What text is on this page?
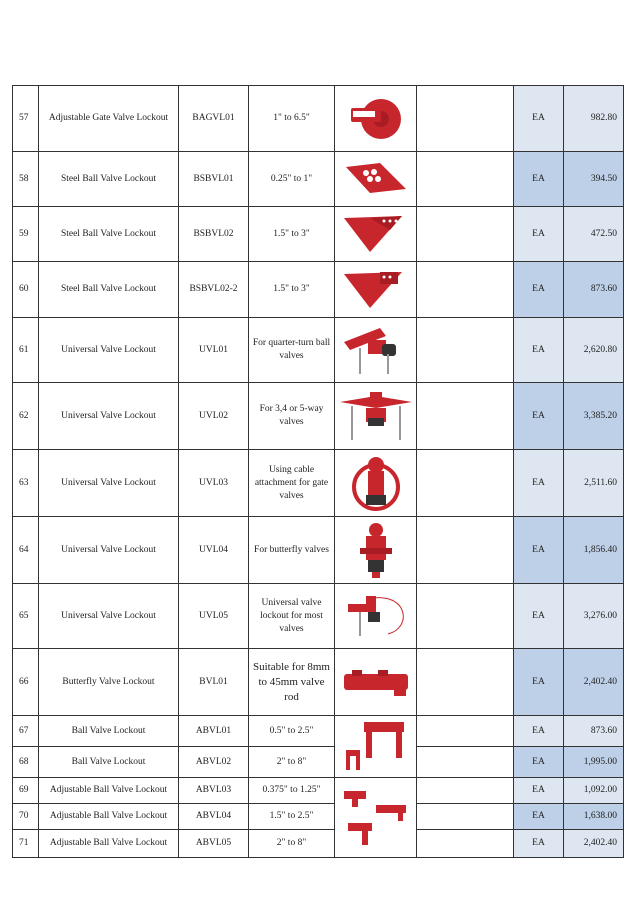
57	Adjustable Gate Valve Lockout	BAGVL01	1" to 6.5"			EA	982.80
58	Steel Ball Valve Lockout	BSBVL01	0.25" to 1"			EA	394.50
59	Steel Ball Valve Lockout	BSBVL02	1.5" to 3"			EA	472.50
60	Steel Ball Valve Lockout	BSBVL02-2	1.5" to 3"			EA	873.60
61	Universal Valve Lockout	UVL01	For quarter-turn ball valves			EA	2,620.80
62	Universal Valve Lockout	UVL02	For 3,4 or 5-way valves			EA	3,385.20
63	Universal Valve Lockout	UVL03	Using cable attachment for gate valves			EA	2,511.60
64	Universal Valve Lockout	UVL04	For butterfly valves			EA	1,856.40
65	Universal Valve Lockout	UVL05	Universal valve lockout for most valves			EA	3,276.00
66	Butterfly Valve Lockout	BVL01	Suitable for 8mm to 45mm valve rod			EA	2,402.40
67	Ball Valve Lockout	ABVL01	0.5" to 2.5"			EA	873.60
68	Ball Valve Lockout	ABVL02	2" to 8"			EA	1,995.00
69	Adjustable Ball Valve Lockout	ABVL03	0.375" to 1.25"			EA	1,092.00
70	Adjustable Ball Valve Lockout	ABVL04	1.5" to 2.5"			EA	1,638.00
71	Adjustable Ball Valve Lockout	ABVL05	2" to 8"			EA	2,402.40
